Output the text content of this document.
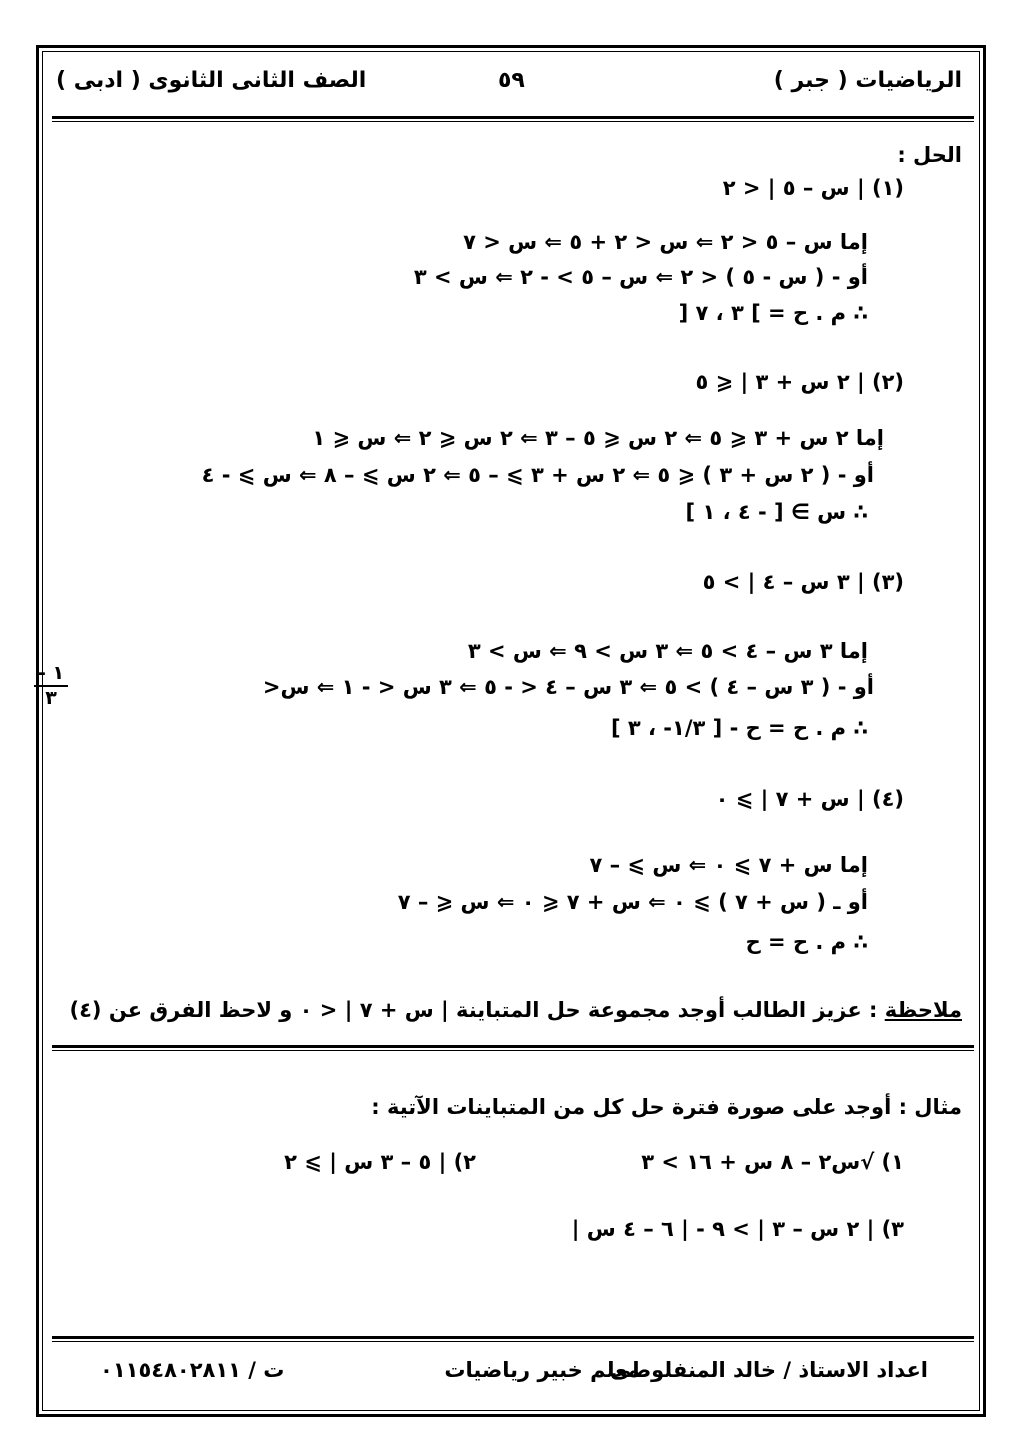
الرياضيات ( جبر )
٥٩
الصف الثانى الثانوى ( ادبى )
الحل :
(١) | س – ٥ | < ٢
إما س – ٥ < ٢ ⇐ س < ٢ + ٥ ⇐ س < ٧
أو - ( س - ٥ ) < ٢ ⇐ س – ٥ > - ٢ ⇐ س > ٣
∴ م . ح = ] ٣ ، ٧ [
(٢) | ٢ س + ٣ | ⩽ ٥
إما ٢ س + ٣ ⩽ ٥ ⇐ ٢ س ⩽ ٥ – ٣ ⇐ ٢ س ⩽ ٢ ⇐ س ⩽ ١
أو - ( ٢ س + ٣ ) ⩽ ٥ ⇐ ٢ س + ٣ ⩾ – ٥ ⇐ ٢ س ⩾ – ٨ ⇐ س ⩾ - ٤
∴ س ∋ [ - ٤ ، ١ ]
(٣) | ٣ س – ٤ | > ٥
إما ٣ س – ٤ > ٥ ⇐ ٣ س > ٩ ⇐ س > ٣
أو - ( ٣ س – ٤ ) > ٥ ⇐ ٣ س – ٤ < - ٥ ⇐ ٣ س < - ١ ⇐ س<
- ١
٣
∴ م . ح = ح - [ ١/٣- ، ٣ ]
(٤) | س + ٧ | ⩾ ٠
إما س + ٧ ⩾ ٠ ⇐ س ⩾ – ٧
أو ـ ( س + ٧ ) ⩾ ٠ ⇐ س + ٧ ⩽ ٠ ⇐ س ⩽ – ٧
∴ م . ح = ح
ملاحظة : عزيز الطالب أوجد مجموعة حل المتباينة | س + ٧ | < ٠ و لاحظ الفرق عن (٤)
مثال : أوجد على صورة فترة حل كل من المتباينات الآتية :
١) √س٢ – ٨ س + ١٦ > ٣
٢) | ٥ – ٣ س | ⩾ ٢
٣) | ٢ س – ٣ | > ٩ - | ٦ – ٤ س |
اعداد الاستاذ / خالد المنفلوطى
معلم خبير رياضيات
ت / ٠١١٥٤٨٠٢٨١١
